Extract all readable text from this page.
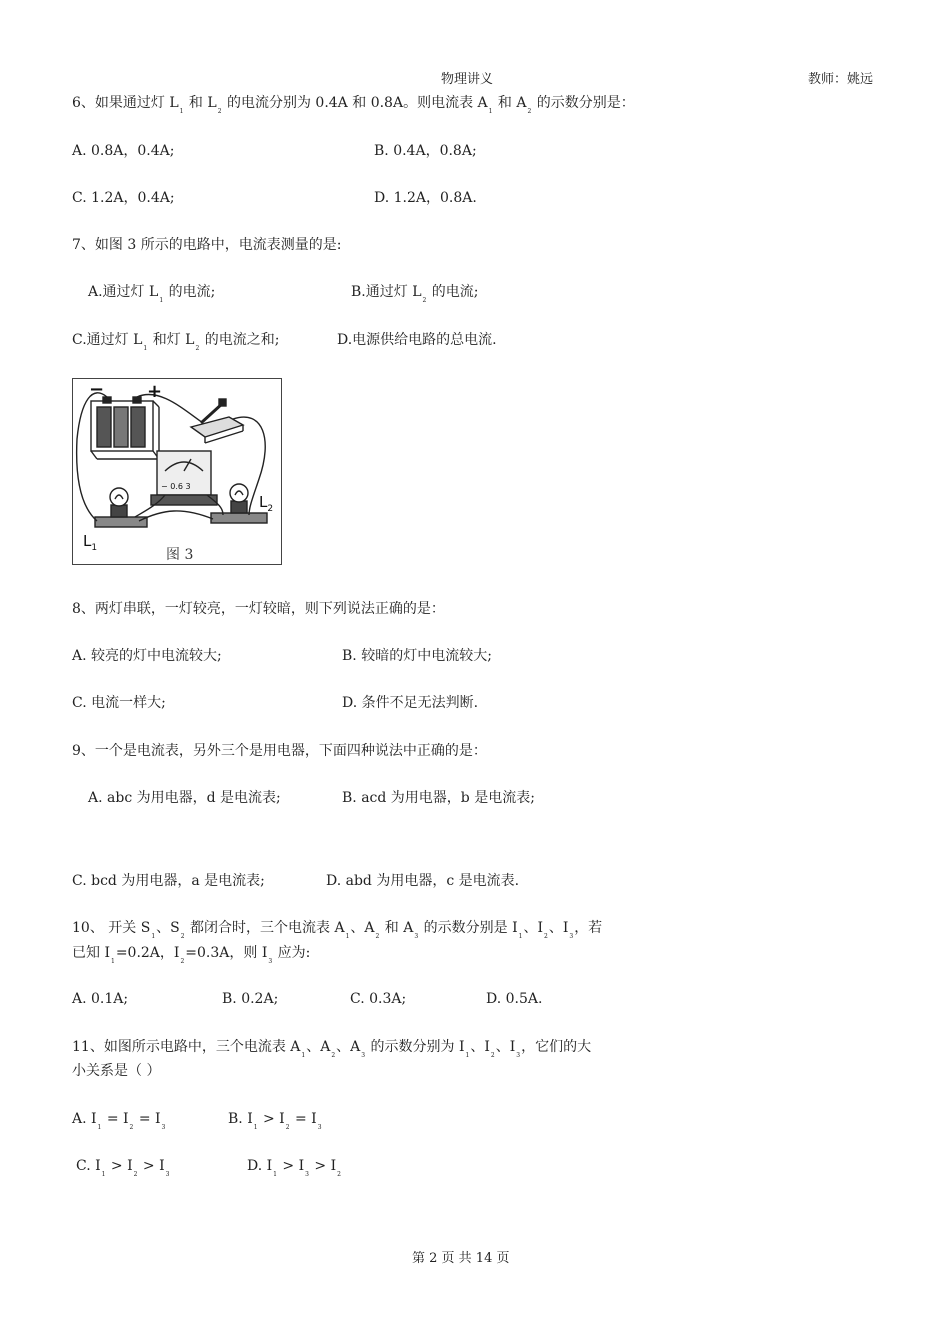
物理讲义	教师：姚远
6、如果通过灯 $L_1$ 和 $L_2$ 的电流分别为 0.4A 和 0.8A。则电流表 $A_1$ 和 $A_2$ 的示数分别是：
A. 0.8A，0.4A;	B. 0.4A，0.8A;
C. 1.2A，0.4A;	D. 1.2A，0.8A.
7、如图 3 所示的电路中，电流表测量的是:
A.通过灯 $L_1$ 的电流;	B.通过灯 $L_2$ 的电流;
C.通过灯 $L_1$ 和灯 $L_2$ 的电流之和;	D.电源供给电路的总电流.
− +
− 0.6 3
$L_1$
$L_2$
图 3
8、两灯串联，一灯较亮，一灯较暗，则下列说法正确的是：
A. 较亮的灯中电流较大;	B. 较暗的灯中电流较大;
C. 电流一样大;	D. 条件不足无法判断.
9、一个是电流表，另外三个是用电器，下面四种说法中正确的是：
A. abc 为用电器，d 是电流表;	B. acd 为用电器，b 是电流表;
C. bcd 为用电器，a 是电流表;	D. abd 为用电器，c 是电流表.
10、 开关 $S_1$、$S_2$ 都闭合时，三个电流表 $A_1$、$A_2$ 和 $A_3$ 的示数分别是 $I_1$、$I_2$、$I_3$，若
已知 $I_1=0.2A$，$I_2=0.3A$，则 $I_3$ 应为:
A. 0.1A;	B. 0.2A;	C. 0.3A;	D. 0.5A.
11、如图所示电路中，三个电流表 $A_1$、$A_2$、$A_3$ 的示数分别为 $I_1$、$I_2$、$I_3$，它们的大
小关系是（ ）
A. $I_1 = I_2 = I_3$
B. $I_1 > I_2 = I_3$
C. $I_1 > I_2 > I_3$
D. $I_1 > I_3 > I_2$
第 2 页 共 14 页
